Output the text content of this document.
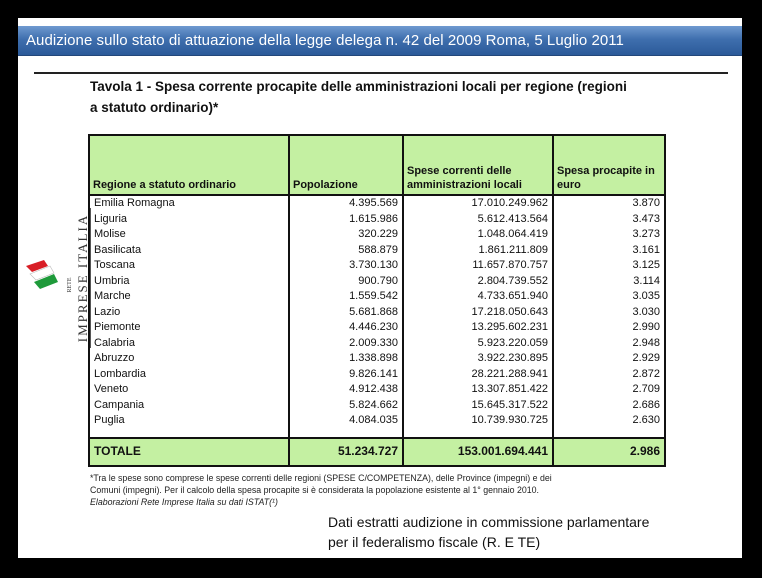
Audizione sullo stato di attuazione della legge delega n. 42 del 2009 Roma, 5 Luglio 2011
Tavola 1 - Spesa corrente procapite delle amministrazioni locali per regione (regioni
a statuto ordinario)*
RETE IMPRESE ITALIA
Regione a statuto ordinario	Popolazione	Spese correnti delle amministrazioni locali	Spesa procapite in euro
Emilia Romagna	4.395.569	17.010.249.962	3.870
Liguria	1.615.986	5.612.413.564	3.473
Molise	320.229	1.048.064.419	3.273
Basilicata	588.879	1.861.211.809	3.161
Toscana	3.730.130	11.657.870.757	3.125
Umbria	900.790	2.804.739.552	3.114
Marche	1.559.542	4.733.651.940	3.035
Lazio	5.681.868	17.218.050.643	3.030
Piemonte	4.446.230	13.295.602.231	2.990
Calabria	2.009.330	5.923.220.059	2.948
Abruzzo	1.338.898	3.922.230.895	2.929
Lombardia	9.826.141	28.221.288.941	2.872
Veneto	4.912.438	13.307.851.422	2.709
Campania	5.824.662	15.645.317.522	2.686
Puglia	4.084.035	10.739.930.725	2.630

TOTALE	51.234.727	153.001.694.441	2.986
*Tra le spese sono comprese le spese correnti delle regioni (SPESE C/COMPETENZA), delle Province (impegni) e dei
Comuni (impegni). Per il calcolo della spesa procapite si è considerata la popolazione esistente al 1° gennaio 2010.
Elaborazioni Rete Imprese Italia su dati ISTAT(¹)
Dati estratti audizione in commissione parlamentare
per il federalismo fiscale (R. E TE)
